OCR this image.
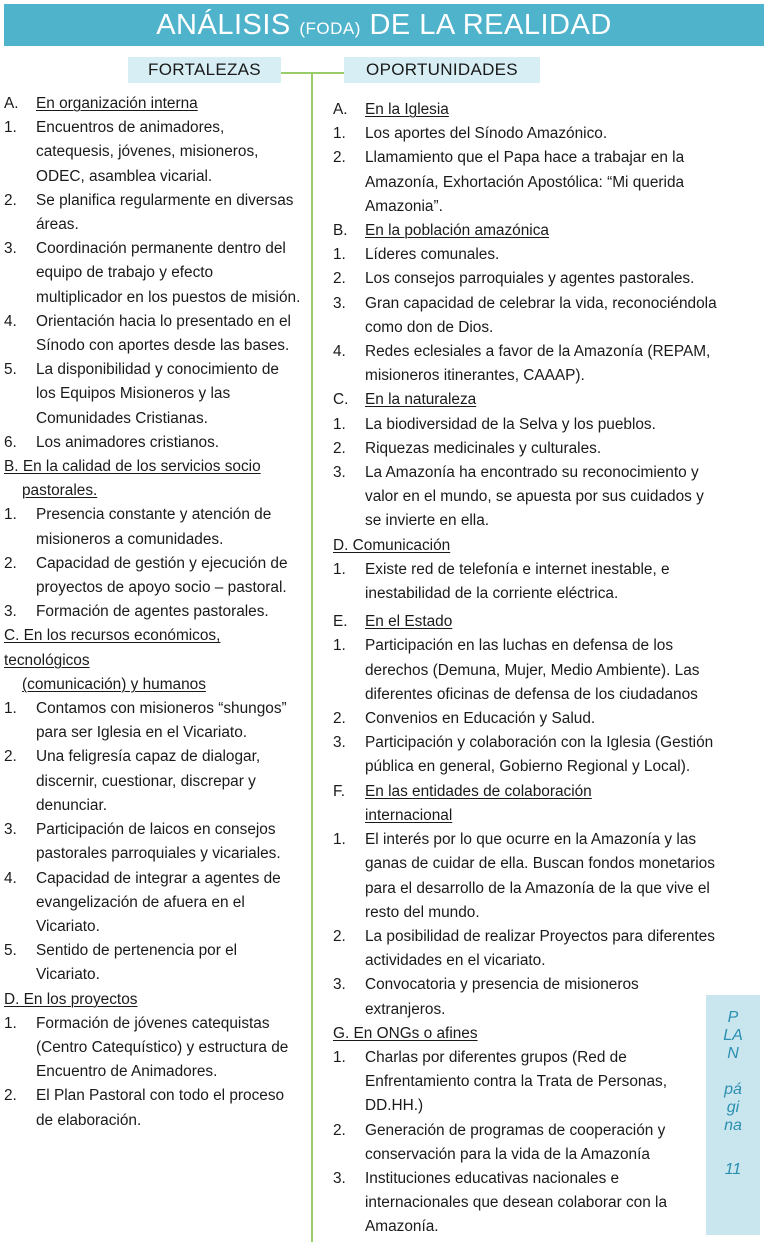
ANÁLISIS (FODA) DE LA REALIDAD
FORTALEZAS	OPORTUNIDADES
A.	En organización interna
1.	Encuentros de animadores, catequesis, jóvenes, misioneros, ODEC, asamblea vicarial.
2.	Se planifica regularmente en diversas áreas.
3.	Coordinación permanente dentro del equipo de trabajo y efecto multiplicador en los puestos de misión.
4.	Orientación hacia lo presentado en el Sínodo con aportes desde las bases.
5.	La disponibilidad y conocimiento de los Equipos Misioneros y las Comunidades Cristianas.
6.	Los animadores cristianos.
B. En la calidad de los servicios socio
pastorales.
1.	Presencia constante y atención de misioneros a comunidades.
2.	Capacidad de gestión y ejecución de proyectos de apoyo socio – pastoral.
3.	Formación de agentes pastorales.
C. En los recursos económicos, tecnológicos
(comunicación) y humanos
1.	Contamos con misioneros “shungos” para ser Iglesia en el Vicariato.
2.	Una feligresía capaz de dialogar, discernir, cuestionar, discrepar y denunciar.
3.	Participación de laicos en consejos pastorales parroquiales y vicariales.
4.	Capacidad de integrar a agentes de evangelización de afuera en el Vicariato.
5.	Sentido de pertenencia por el Vicariato.
D. En los proyectos
1.	Formación de jóvenes catequistas (Centro Catequístico) y estructura de Encuentro de Animadores.
2.	El Plan Pastoral con todo el proceso de elaboración.
A.	En la Iglesia
1.	Los aportes del Sínodo Amazónico.
2.	Llamamiento que el Papa hace a trabajar en la Amazonía, Exhortación Apostólica: “Mi querida Amazonia”.
B.	En la población amazónica
1.	Líderes comunales.
2.	Los consejos parroquiales y agentes pastorales.
3.	Gran capacidad de celebrar la vida, reconociéndola como don de Dios.
4.	Redes eclesiales a favor de la Amazonía (REPAM, misioneros itinerantes, CAAAP).
C.	En la naturaleza
1.	La biodiversidad de la Selva y los pueblos.
2.	Riquezas medicinales y culturales.
3.	La Amazonía ha encontrado su reconocimiento y valor en el mundo, se apuesta por sus cuidados y se invierte en ella.
D. Comunicación
1.	Existe red de telefonía e internet inestable, e inestabilidad de la corriente eléctrica.
E.	En el Estado
1.	Participación en las luchas en defensa de los derechos (Demuna, Mujer, Medio Ambiente). Las diferentes oficinas de defensa de los ciudadanos
2.	Convenios en Educación y Salud.
3.	Participación y colaboración con la Iglesia (Gestión pública en general, Gobierno Regional y Local).
F.	En las entidades de colaboración internacional
1.	El interés por lo que ocurre en la Amazonía y las ganas de cuidar de ella. Buscan fondos monetarios para el desarrollo de la Amazonía de la que vive el resto del mundo.
2.	La posibilidad de realizar Proyectos para diferentes actividades en el vicariato.
3.	Convocatoria y presencia de misioneros extranjeros.
G. En ONGs o afines
1.	Charlas por diferentes grupos (Red de Enfrentamiento contra la Trata de Personas, DD.HH.)
2.	Generación de programas de cooperación y conservación para la vida de la Amazonía
3.	Instituciones educativas nacionales e internacionales que desean colaborar con la Amazonía.
P
LA
N
pá
gi
na
11
